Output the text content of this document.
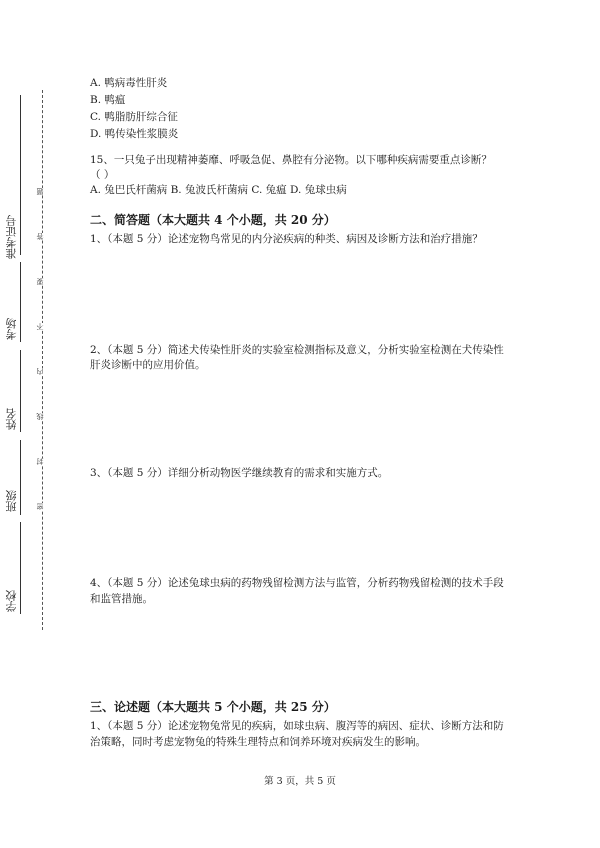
准考证号
考场
姓名
班级
学校
题
答
要
不
内
线
封
密
A. 鸭病毒性肝炎
B. 鸭瘟
C. 鸭脂肪肝综合征
D. 鸭传染性浆膜炎
15、一只兔子出现精神萎靡、呼吸急促、鼻腔有分泌物。以下哪种疾病需要重点诊断？
（ ）
A. 兔巴氏杆菌病 B. 兔波氏杆菌病 C. 兔瘟 D. 兔球虫病
二、简答题（本大题共 4 个小题，共 20 分）
1、（本题 5 分）论述宠物鸟常见的内分泌疾病的种类、病因及诊断方法和治疗措施？
2、（本题 5 分）简述犬传染性肝炎的实验室检测指标及意义，分析实验室检测在犬传染性
肝炎诊断中的应用价值。
3、（本题 5 分）详细分析动物医学继续教育的需求和实施方式。
4、（本题 5 分）论述兔球虫病的药物残留检测方法与监管，分析药物残留检测的技术手段
和监管措施。
三、论述题（本大题共 5 个小题，共 25 分）
1、（本题 5 分）论述宠物兔常见的疾病，如球虫病、腹泻等的病因、症状、诊断方法和防
治策略，同时考虑宠物兔的特殊生理特点和饲养环境对疾病发生的影响。
第 3 页，共 5 页
